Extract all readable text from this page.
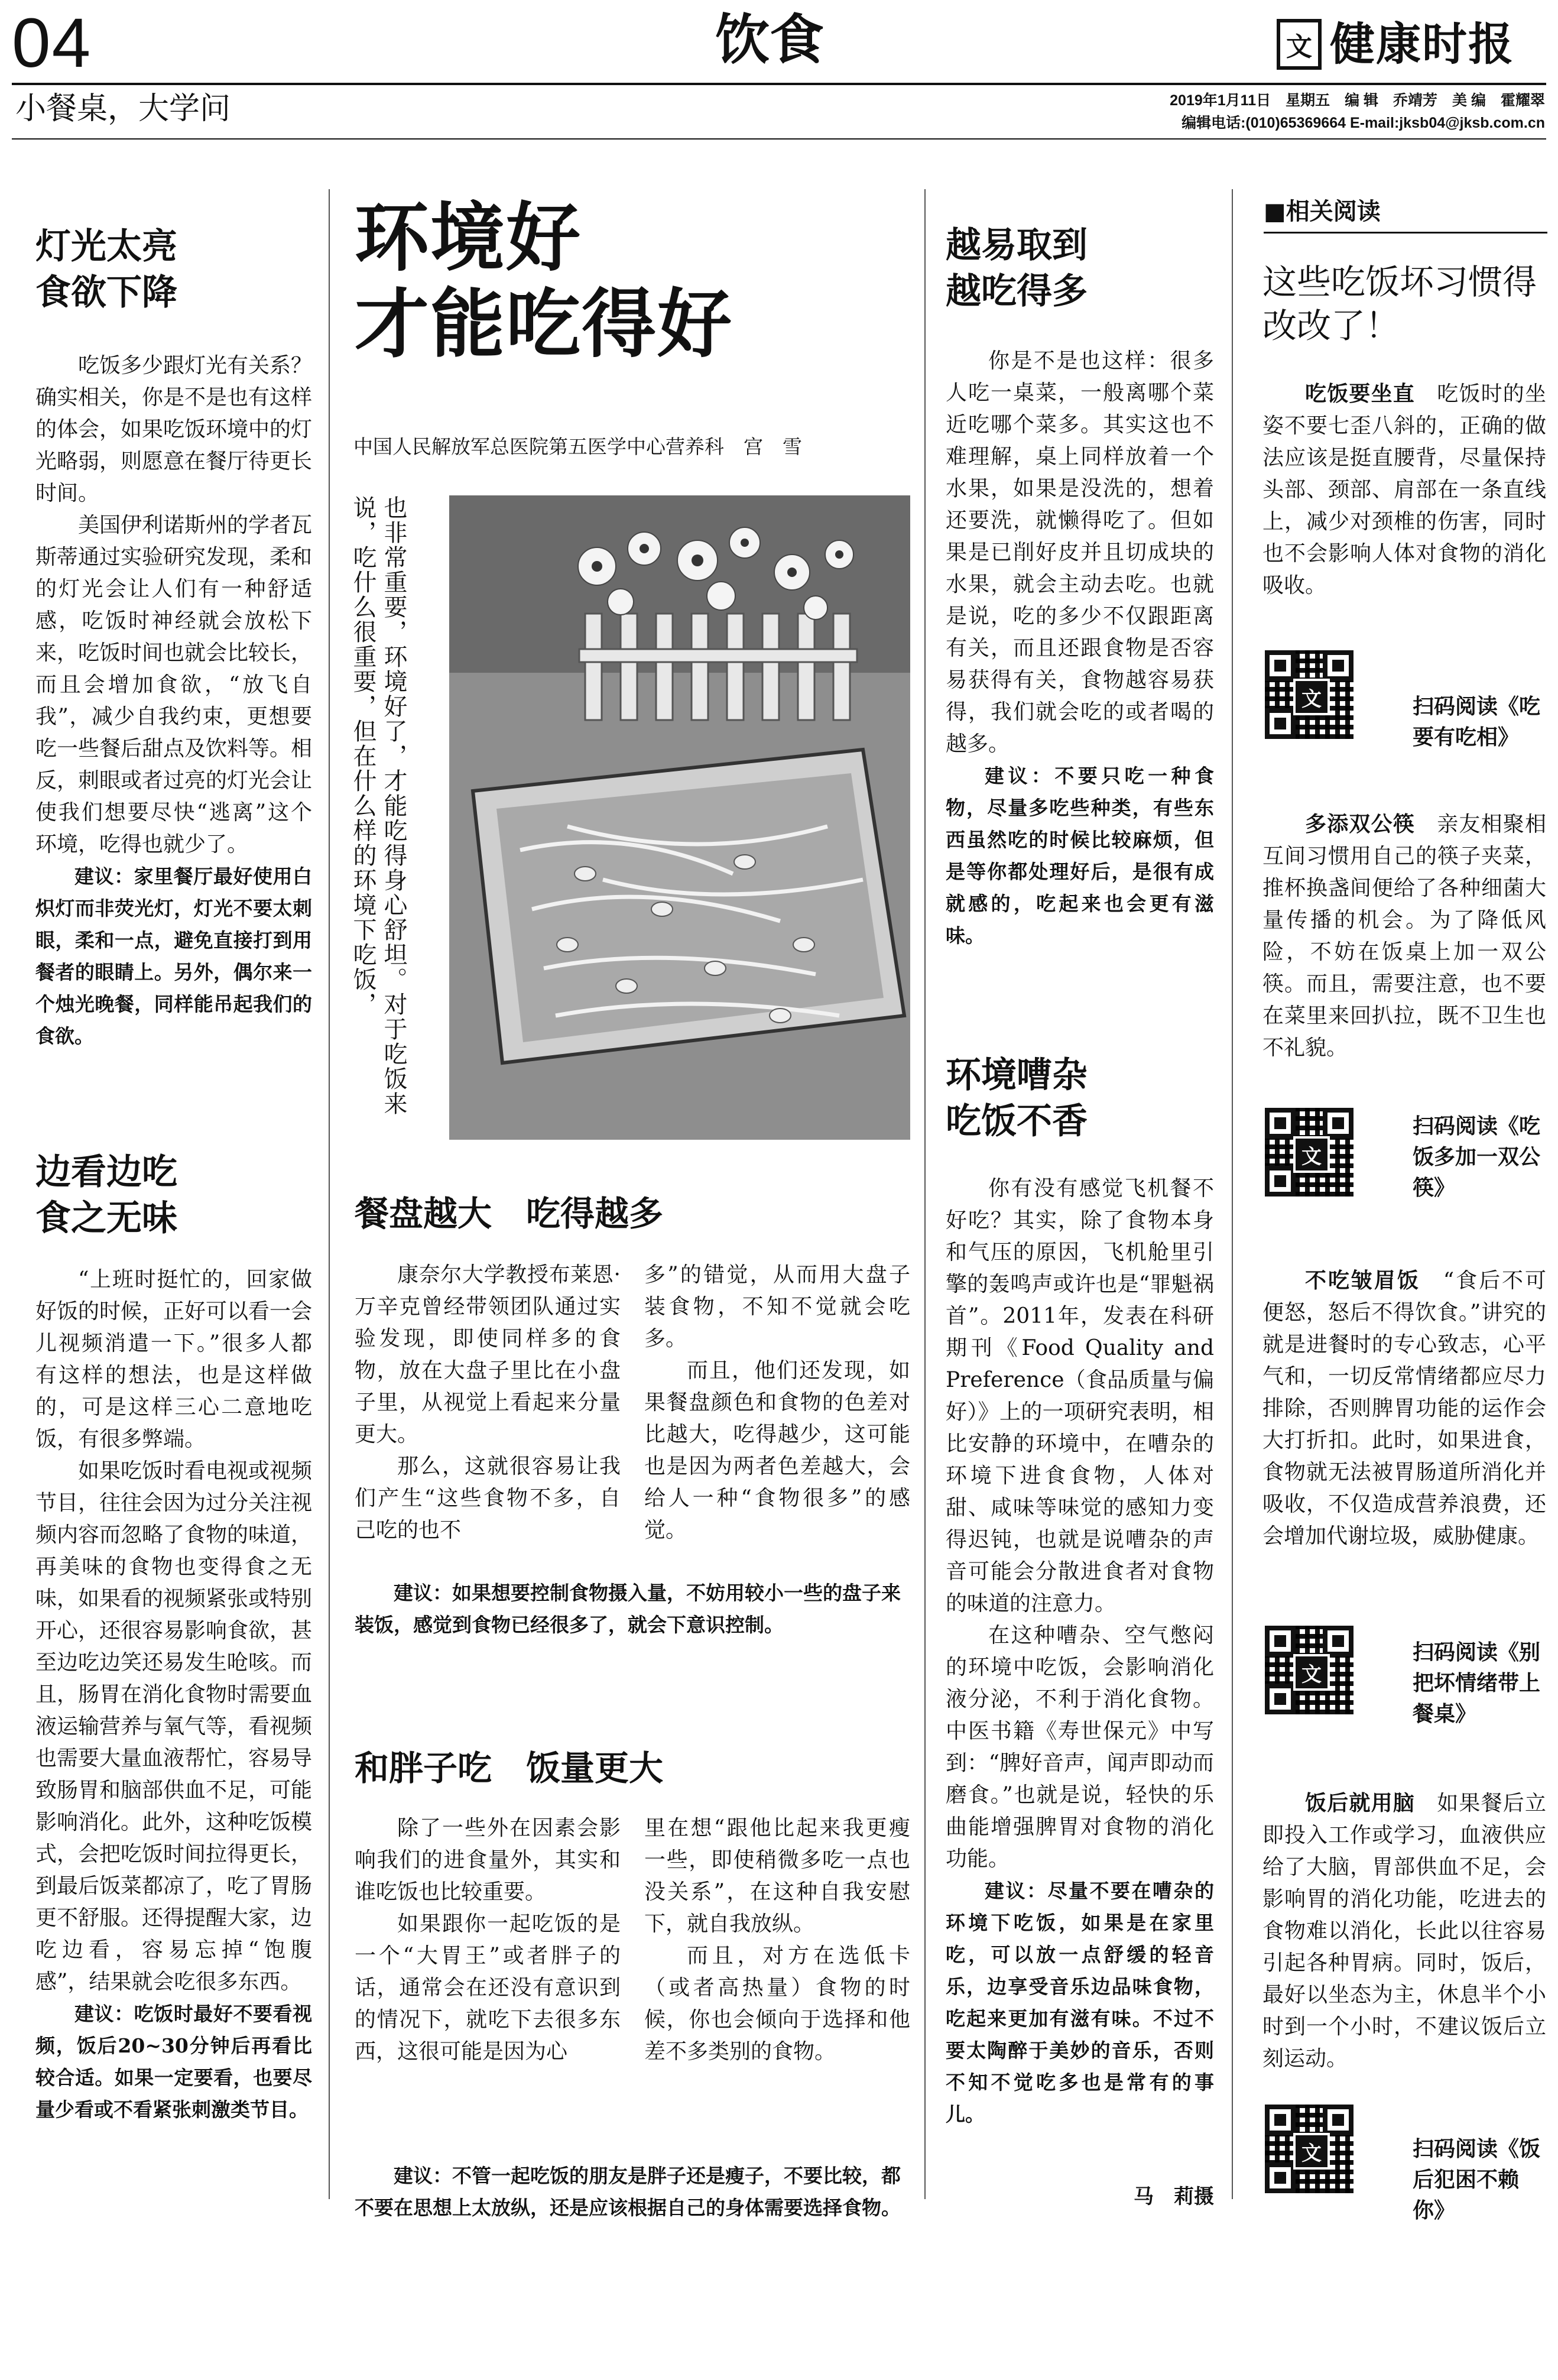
04	饮食	文 健康时报
小餐桌，大学问	2019年1月11日　星期五　编 辑　乔靖芳　美 编　霍耀翠
编辑电话:(010)65369664 E-mail:jksb04@jksb.com.cn
灯光太亮
食欲下降

吃饭多少跟灯光有关系？确实相关，你是不是也有这样的体会，如果吃饭环境中的灯光略弱，则愿意在餐厅待更长时间。

美国伊利诺斯州的学者瓦斯蒂通过实验研究发现，柔和的灯光会让人们有一种舒适感，吃饭时神经就会放松下来，吃饭时间也就会比较长，而且会增加食欲，“放飞自我”，减少自我约束，更想要吃一些餐后甜点及饮料等。相反，刺眼或者过亮的灯光会让使我们想要尽快“逃离”这个环境，吃得也就少了。

建议：家里餐厅最好使用白炽灯而非荧光灯，灯光不要太刺眼，柔和一点，避免直接打到用餐者的眼睛上。另外，偶尔来一个烛光晚餐，同样能吊起我们的食欲。

边看边吃
食之无味

“上班时挺忙的，回家做好饭的时候，正好可以看一会儿视频消遣一下。”很多人都有这样的想法，也是这样做的，可是这样三心二意地吃饭，有很多弊端。

如果吃饭时看电视或视频节目，往往会因为过分关注视频内容而忽略了食物的味道，再美味的食物也变得食之无味，如果看的视频紧张或特别开心，还很容易影响食欲，甚至边吃边笑还易发生呛咳。而且，肠胃在消化食物时需要血液运输营养与氧气等，看视频也需要大量血液帮忙，容易导致肠胃和脑部供血不足，可能影响消化。此外，这种吃饭模式，会把吃饭时间拉得更长，到最后饭菜都凉了，吃了胃肠更不舒服。还得提醒大家，边吃边看，容易忘掉“饱腹感”，结果就会吃很多东西。

建议：吃饭时最好不要看视频，饭后20~30分钟后再看比较合适。如果一定要看，也要尽量少看或不看紧张刺激类节目。

环境好
才能吃得好
中国人民解放军总医院第五医学中心营养科　宫　雪
也非常重要，环境好了，才能吃得身心舒坦。对于吃饭来说，吃什么很重要，但在什么样的环境下吃饭，
餐盘越大　吃得越多

康奈尔大学教授布莱恩·万辛克曾经带领团队通过实验发现，即使同样多的食物，放在大盘子里比在小盘子里，从视觉上看起来分量更大。

那么，这就很容易让我们产生“这些食物不多，自己吃的也不

多”的错觉，从而用大盘子装食物，不知不觉就会吃多。

而且，他们还发现，如果餐盘颜色和食物的色差对比越大，吃得越少，这可能也是因为两者色差越大，会给人一种“食物很多”的感觉。

建议：如果想要控制食物摄入量，不妨用较小一些的盘子来装饭，感觉到食物已经很多了，就会下意识控制。
和胖子吃　饭量更大

除了一些外在因素会影响我们的进食量外，其实和谁吃饭也比较重要。

如果跟你一起吃饭的是一个“大胃王”或者胖子的话，通常会在还没有意识到的情况下，就吃下去很多东西，这很可能是因为心

里在想“跟他比起来我更瘦一些，即使稍微多吃一点也没关系”，在这种自我安慰下，就自我放纵。

而且，对方在选低卡（或者高热量）食物的时候，你也会倾向于选择和他差不多类别的食物。

建议：不管一起吃饭的朋友是胖子还是瘦子，不要比较，都不要在思想上太放纵，还是应该根据自己的身体需要选择食物。
越易取到
越吃得多

你是不是也这样：很多人吃一桌菜，一般离哪个菜近吃哪个菜多。其实这也不难理解，桌上同样放着一个水果，如果是没洗的，想着还要洗，就懒得吃了。但如果是已削好皮并且切成块的水果，就会主动去吃。也就是说，吃的多少不仅跟距离有关，而且还跟食物是否容易获得有关，食物越容易获得，我们就会吃的或者喝的越多。

建议：不要只吃一种食物，尽量多吃些种类，有些东西虽然吃的时候比较麻烦，但是等你都处理好后，是很有成就感的，吃起来也会更有滋味。

环境嘈杂
吃饭不香

你有没有感觉飞机餐不好吃？其实，除了食物本身和气压的原因，飞机舱里引擎的轰鸣声或许也是“罪魁祸首”。2011年，发表在科研期刊《Food Quality and Preference（食品质量与偏好）》上的一项研究表明，相比安静的环境中，在嘈杂的环境下进食食物，人体对甜、咸味等味觉的感知力变得迟钝，也就是说嘈杂的声音可能会分散进食者对食物的味道的注意力。

在这种嘈杂、空气憋闷的环境中吃饭，会影响消化液分泌，不利于消化食物。中医书籍《寿世保元》中写到：“脾好音声，闻声即动而磨食。”也就是说，轻快的乐曲能增强脾胃对食物的消化功能。

建议：尽量不要在嘈杂的环境下吃饭，如果是在家里吃，可以放一点舒缓的轻音乐，边享受音乐边品味食物，吃起来更加有滋有味。不过不要太陶醉于美妙的音乐，否则不知不觉吃多也是常有的事儿。

马　莉摄
■相关阅读
这些吃饭坏习惯得改改了！

吃饭要坐直　 吃饭时的坐姿不要七歪八斜的，正确的做法应该是挺直腰背，尽量保持头部、颈部、肩部在一条直线上，减少对颈椎的伤害，同时也不会影响人体对食物的消化吸收。

文	扫码阅读《吃要有吃相》

多添双公筷　 亲友相聚相互间习惯用自己的筷子夹菜，推杯换盏间便给了各种细菌大量传播的机会。为了降低风险，不妨在饭桌上加一双公筷。而且，需要注意，也不要在菜里来回扒拉，既不卫生也不礼貌。

文
扫码阅读《吃饭多加一双公筷》

不吃皱眉饭　 “食后不可便怒，怒后不得饮食。”讲究的就是进餐时的专心致志，心平气和，一切反常情绪都应尽力排除，否则脾胃功能的运作会大打折扣。此时，如果进食，食物就无法被胃肠道所消化并吸收，不仅造成营养浪费，还会增加代谢垃圾，威胁健康。

文
扫码阅读《别把坏情绪带上餐桌》

饭后就用脑　 如果餐后立即投入工作或学习，血液供应给了大脑，胃部供血不足，会影响胃的消化功能，吃进去的食物难以消化，长此以往容易引起各种胃病。同时，饭后，最好以坐态为主，休息半个小时到一个小时，不建议饭后立刻运动。

文	扫码阅读《饭后犯困不赖你》
